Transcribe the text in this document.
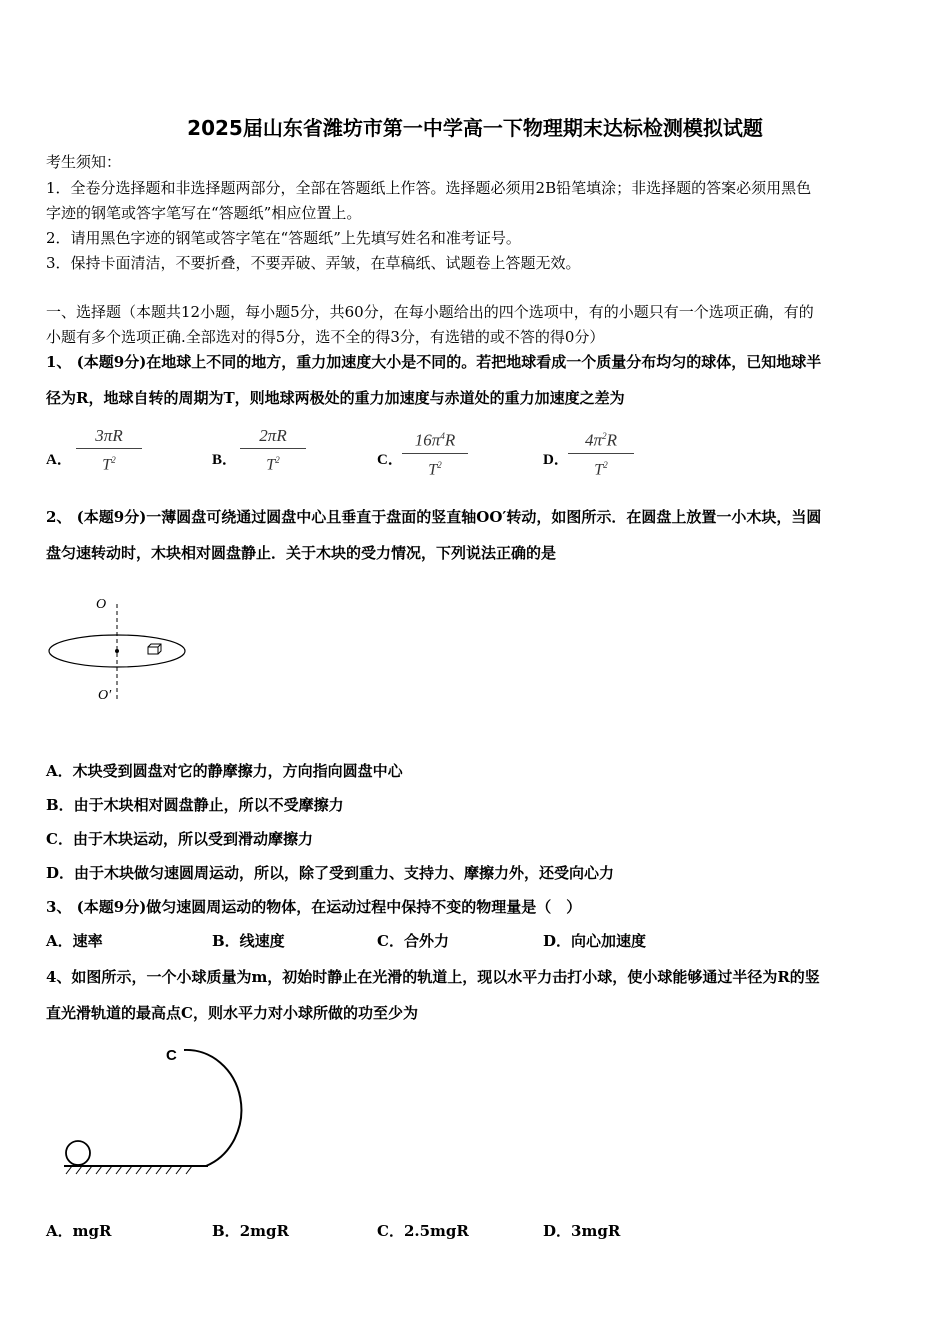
2025届山东省潍坊市第一中学高一下物理期末达标检测模拟试题
考生须知：
1．全卷分选择题和非选择题两部分，全部在答题纸上作答。选择题必须用2B铅笔填涂；非选择题的答案必须用黑色
字迹的钢笔或答字笔写在“答题纸”相应位置上。
2．请用黑色字迹的钢笔或答字笔在“答题纸”上先填写姓名和准考证号。
3．保持卡面清洁，不要折叠，不要弄破、弄皱，在草稿纸、试题卷上答题无效。
一、选择题（本题共12小题，每小题5分，共60分，在每小题给出的四个选项中，有的小题只有一个选项正确，有的
小题有多个选项正确.全部选对的得5分，选不全的得3分，有选错的或不答的得0分）
1、 (本题9分)在地球上不同的地方，重力加速度大小是不同的。若把地球看成一个质量分布均匀的球体，已知地球半
径为R，地球自转的周期为T，则地球两极处的重力加速度与赤道处的重力加速度之差为
A．
3πR
$T^2$	B．
2πR
$T^2$	C．
$16\pi^4R$
$T^2$	D．
$4\pi^2R$
$T^2$
2、 (本题9分)一薄圆盘可绕通过圆盘中心且垂直于盘面的竖直轴OO′转动，如图所示．在圆盘上放置一小木块，当圆
盘匀速转动时，木块相对圆盘静止．关于木块的受力情况，下列说法正确的是
O
O′
A．木块受到圆盘对它的静摩擦力，方向指向圆盘中心
B．由于木块相对圆盘静止，所以不受摩擦力
C．由于木块运动，所以受到滑动摩擦力
D．由于木块做匀速圆周运动，所以，除了受到重力、支持力、摩擦力外，还受向心力
3、 (本题9分)做匀速圆周运动的物体，在运动过程中保持不变的物理量是（　）
A．速率	B．线速度	C．合外力	D．向心加速度
4、如图所示，一个小球质量为m，初始时静止在光滑的轨道上，现以水平力击打小球，使小球能够通过半径为R的竖
直光滑轨道的最高点C，则水平力对小球所做的功至少为
C
A．mgR	B．2mgR	C．2.5mgR	D．3mgR
